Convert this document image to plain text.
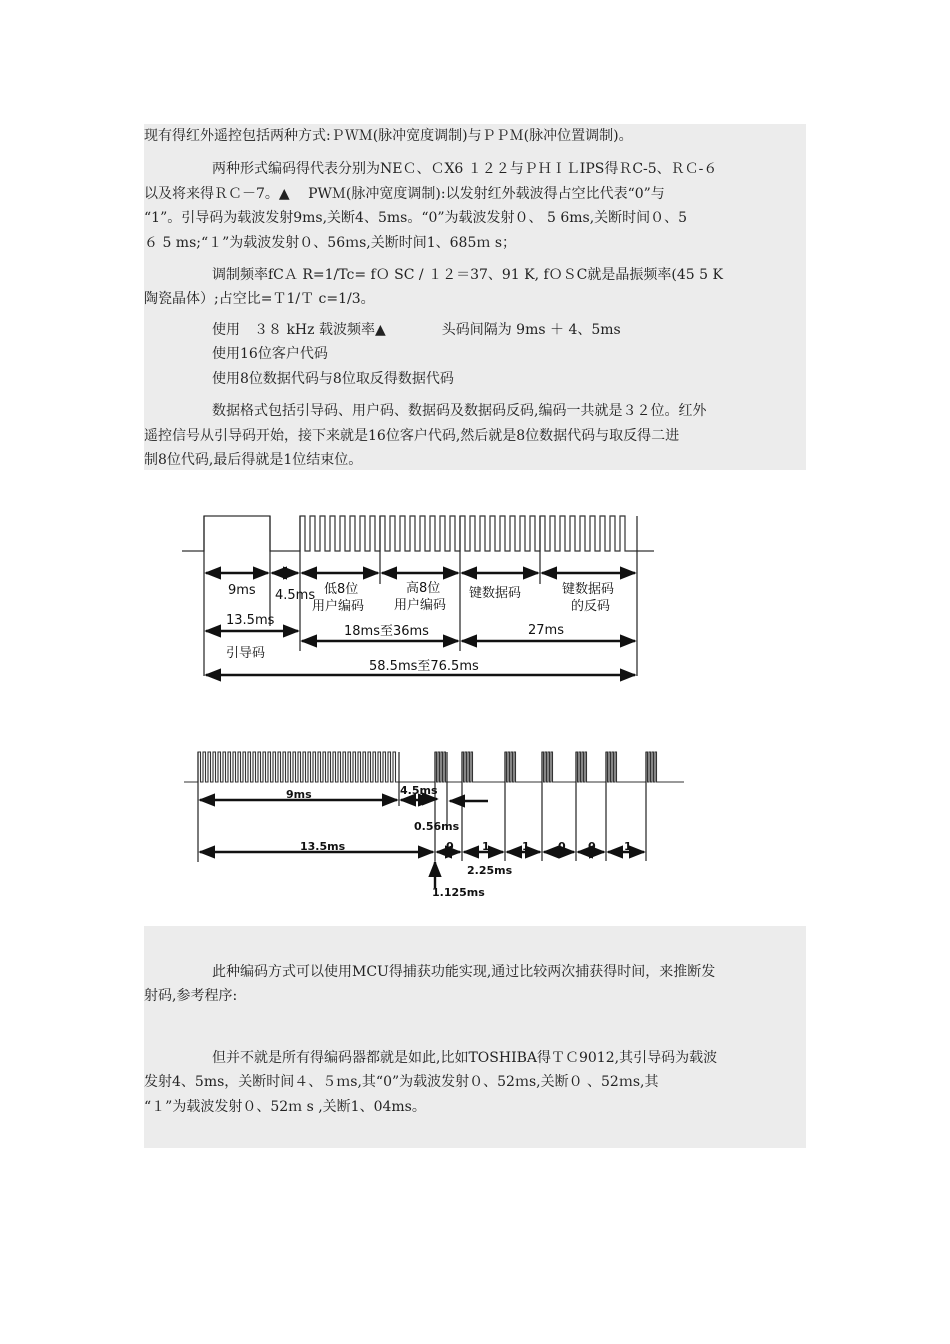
现有得红外遥控包括两种方式:ＰＷＭ(脉冲宽度调制)与ＰＰＭ(脉冲位置调制)。
两种形式编码得代表分别为NEＣ、ＣX6 １２２与ＰＨＩＬIPS得ＲC-5、ＲＣ-６
以及将来得ＲＣ－7。▲　 PWＭ(脉冲宽度调制):以发射红外载波得占空比代表“0”与
“1”。引导码为载波发射9ms,关断4、5ms。“0”为载波发射０、 5 6ms,关断时间０、5
６ 5 ms;“１”为载波发射０、56ｍs,关断时间1、685ｍ s；
调制频率fCＡ R=1/Tc= fＯ SC / １２＝37、91 K, fＯＳC就是晶振频率(45 5 K
陶瓷晶体）;占空比=Ｔ1/Ｔ c=1/3。
使用　３８ kHz 载波频率▲　　　　头码间隔为 9ms ＋ 4、5ms
使用16位客户代码
使用8位数据代码与8位取反得数据代码
数据格式包括引导码、用户码、数据码及数据码反码,编码一共就是３２位。红外
遥控信号从引导码开始，接下来就是16位客户代码,然后就是8位数据代码与取反得二进
制8位代码,最后得就是1位结束位。
此种编码方式可以使用MCU得捕获功能实现,通过比较两次捕获得时间，来推断发
射码,参考程序:
但并不就是所有得编码器都就是如此,比如TOSHIBA得ＴＣ9012,其引导码为载波
发射4、5ms，关断时间４、５ｍs,其“0”为载波发射０、52ｍs,关断０ 、52ｍs,其
“１”为载波发射０、52ｍ s ,关断1、04ms。
9ms 4.5ms 低8位
用户编码
高8位
用户编码
键数据码	键数据码
的反码
13.5ms
18ms至36ms	27ms
引导码
58.5ms至76.5ms
9ms	4.5ms
0.56ms
13.5ms	0	1	1	0 0	1
2.25ms
1.125ms
